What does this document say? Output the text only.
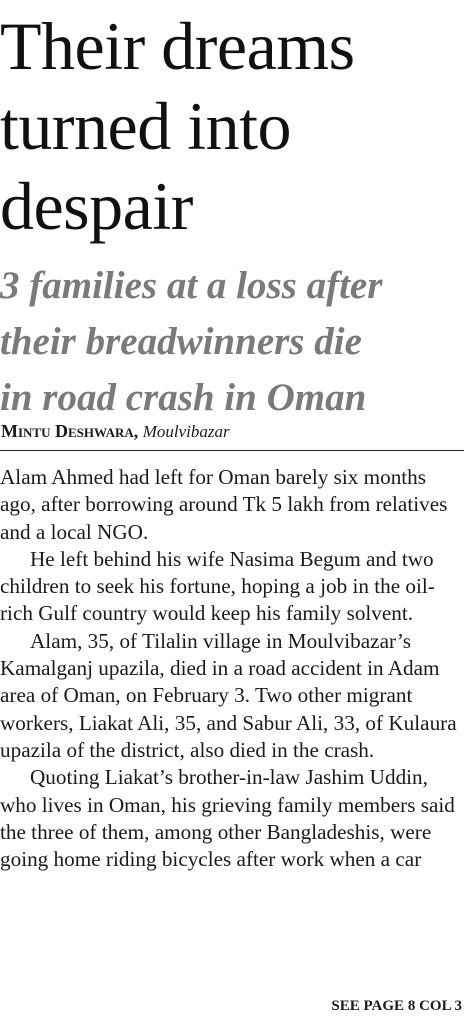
Their dreams
turned into
despair
3 families at a loss after
their breadwinners die
in road crash in Oman
Mintu Deshwara, Moulvibazar

Alam Ahmed had left for Oman barely six months ago, after borrowing around Tk 5 lakh from relatives and a local NGO.

He left behind his wife Nasima Begum and two children to seek his fortune, hoping a job in the oil-rich Gulf country would keep his family solvent.

Alam, 35, of Tilalin village in Moulvibazar’s Kamalganj upazila, died in a road accident in Adam area of Oman, on February 3. Two other migrant workers, Liakat Ali, 35, and Sabur Ali, 33, of Kulaura upazila of the district, also died in the crash.

Quoting Liakat’s brother-in-law Jashim Uddin, who lives in Oman, his grieving family members said the three of them, among other Bangladeshis, were going home riding bicycles after work when a car

SEE PAGE 8 COL 3
